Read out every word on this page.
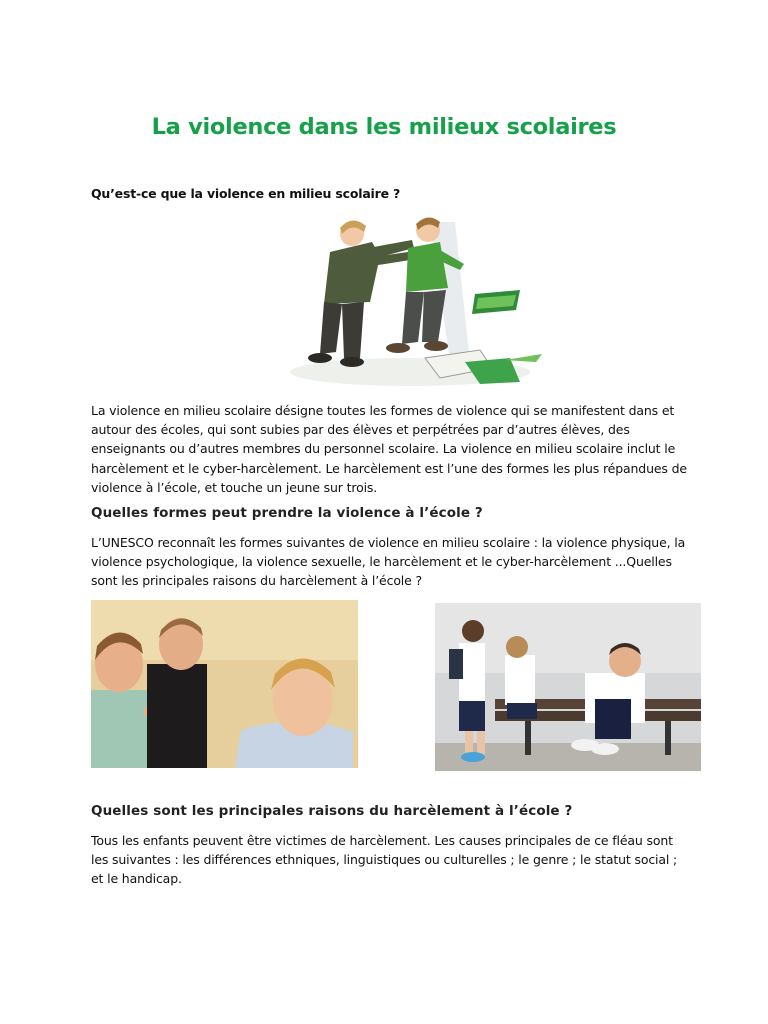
La violence dans les milieux scolaires

Qu’est-ce que la violence en milieu scolaire ?

La violence en milieu scolaire désigne toutes les formes de violence qui se manifestent dans et autour des écoles, qui sont subies par des élèves et perpétrées par d’autres élèves, des enseignants ou d’autres membres du personnel scolaire. La violence en milieu scolaire inclut le harcèlement et le cyber-harcèlement. Le harcèlement est l’une des formes les plus répandues de violence à l’école, et touche un jeune sur trois.

Quelles formes peut prendre la violence à l’école ?

L’UNESCO reconnaît les formes suivantes de violence en milieu scolaire : la violence physique, la violence psychologique, la violence sexuelle, le harcèlement et le cyber-harcèlement ...Quelles sont les principales raisons du harcèlement à l’école ?

Quelles sont les principales raisons du harcèlement à l’école ?

Tous les enfants peuvent être victimes de harcèlement. Les causes principales de ce fléau sont les suivantes : les différences ethniques, linguistiques ou culturelles ; le genre ; le statut social ; et le handicap.
